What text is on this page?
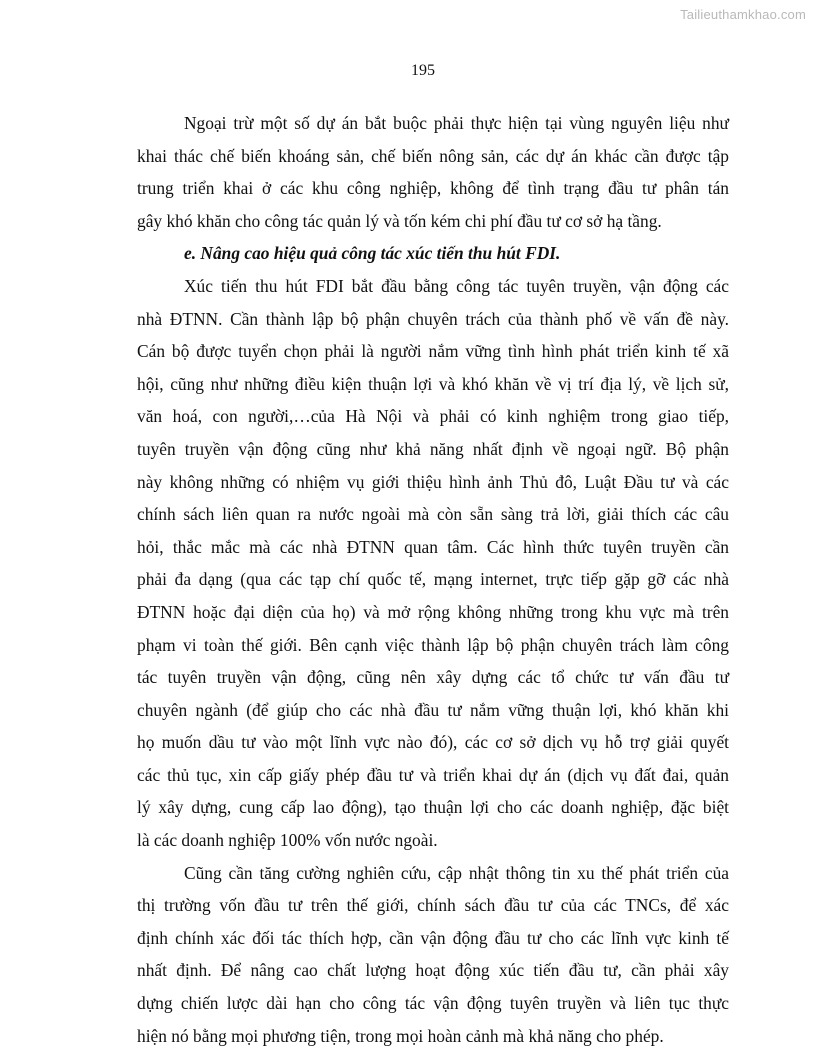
Tailieuthamkhao.com
195
Ngoại trừ một số dự án bắt buộc phải thực hiện tại vùng nguyên liệu như
khai thác chế biến khoáng sản, chế biến nông sản, các dự án khác cần được tập
trung triển khai ở các khu công nghiệp, không để tình trạng đầu tư phân tán
gây khó khăn cho công tác quản lý và tốn kém chi phí đầu tư cơ sở hạ tầng.
e. Nâng cao hiệu quả công tác xúc tiến thu hút FDI.
Xúc tiến thu hút FDI bắt đầu bằng công tác tuyên truyền, vận động các
nhà ĐTNN. Cần thành lập bộ phận chuyên trách của thành phố về vấn đề này.
Cán bộ được tuyển chọn phải là người nắm vững tình hình phát triển kinh tế xã
hội, cũng như những điều kiện thuận lợi và khó khăn về vị trí địa lý, về lịch sử,
văn hoá, con người,…của Hà Nội và phải có kinh nghiệm trong giao tiếp,
tuyên truyền vận động cũng như khả năng nhất định về ngoại ngữ. Bộ phận
này không những có nhiệm vụ giới thiệu hình ảnh Thủ đô, Luật Đầu tư và các
chính sách liên quan ra nước ngoài mà còn sẵn sàng trả lời, giải thích các câu
hỏi, thắc mắc mà các nhà ĐTNN quan tâm. Các hình thức tuyên truyền cần
phải đa dạng (qua các tạp chí quốc tế, mạng internet, trực tiếp gặp gỡ các nhà
ĐTNN hoặc đại diện của họ) và mở rộng không những trong khu vực mà trên
phạm vi toàn thế giới. Bên cạnh việc thành lập bộ phận chuyên trách làm công
tác tuyên truyền vận động, cũng nên xây dựng các tổ chức tư vấn đầu tư
chuyên ngành (để giúp cho các nhà đầu tư nắm vững thuận lợi, khó khăn khi
họ muốn dầu tư vào một lĩnh vực nào đó), các cơ sở dịch vụ hỗ trợ giải quyết
các thủ tục, xin cấp giấy phép đầu tư và triển khai dự án (dịch vụ đất đai, quản
lý xây dựng, cung cấp lao động), tạo thuận lợi cho các doanh nghiệp, đặc biệt
là các doanh nghiệp 100% vốn nước ngoài.
Cũng cần tăng cường nghiên cứu, cập nhật thông tin xu thế phát triển của
thị trường vốn đầu tư trên thế giới, chính sách đầu tư của các TNCs, để xác
định chính xác đối tác thích hợp, cần vận động đầu tư cho các lĩnh vực kinh tế
nhất định. Để nâng cao chất lượng hoạt động xúc tiến đầu tư, cần phải xây
dựng chiến lược dài hạn cho công tác vận động tuyên truyền và liên tục thực
hiện nó bằng mọi phương tiện, trong mọi hoàn cảnh mà khả năng cho phép.
